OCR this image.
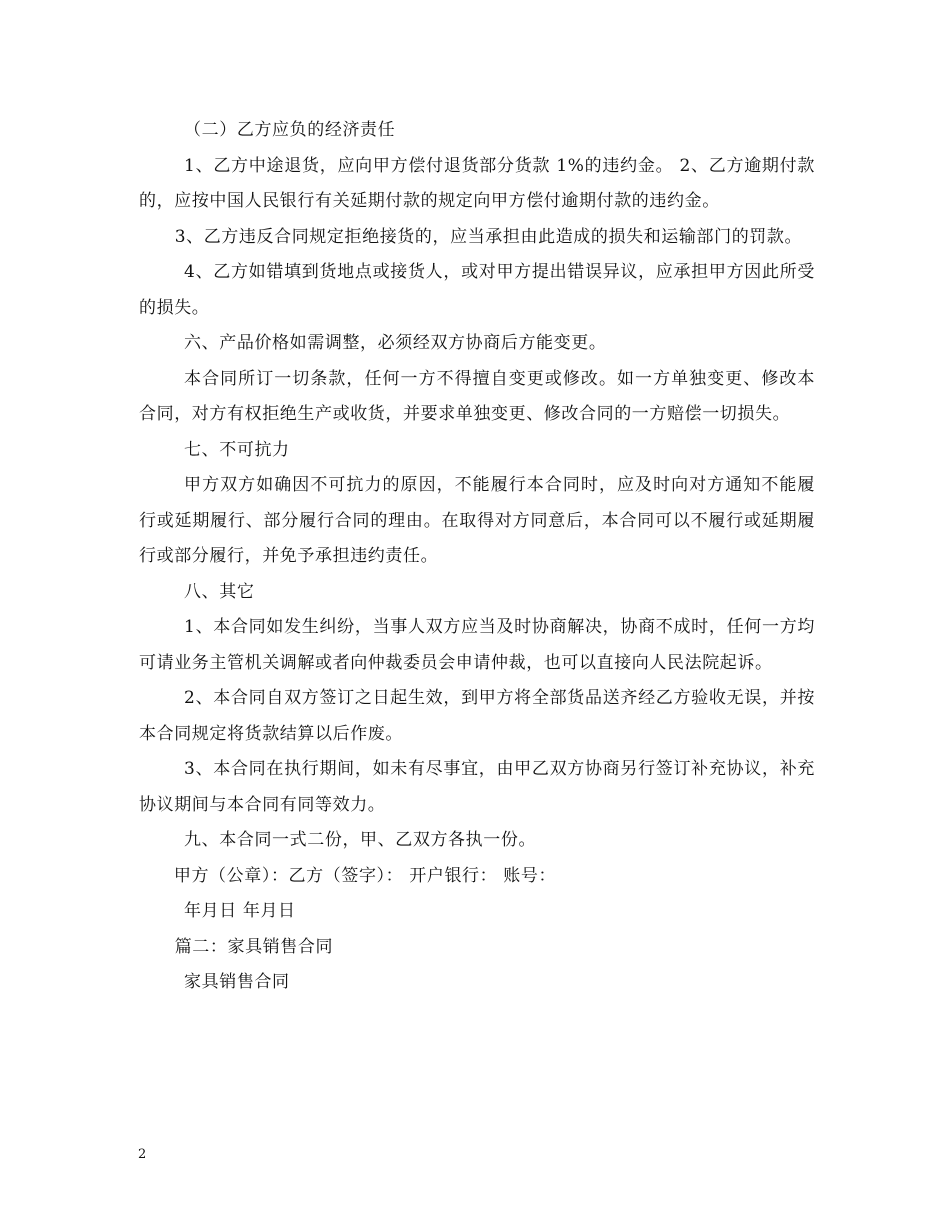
（二）乙方应负的经济责任

1、乙方中途退货，应向甲方偿付退货部分货款 1%的违约金。 2、乙方逾期付款的，应按中国人民银行有关延期付款的规定向甲方偿付逾期付款的违约金。

3、乙方违反合同规定拒绝接货的，应当承担由此造成的损失和运输部门的罚款。

4、乙方如错填到货地点或接货人，或对甲方提出错误异议，应承担甲方因此所受的损失。

六、产品价格如需调整，必须经双方协商后方能变更。

本合同所订一切条款，任何一方不得擅自变更或修改。如一方单独变更、修改本合同，对方有权拒绝生产或收货，并要求单独变更、修改合同的一方赔偿一切损失。

七、不可抗力

甲方双方如确因不可抗力的原因，不能履行本合同时，应及时向对方通知不能履行或延期履行、部分履行合同的理由。在取得对方同意后，本合同可以不履行或延期履行或部分履行，并免予承担违约责任。

八、其它

1、本合同如发生纠纷，当事人双方应当及时协商解决，协商不成时，任何一方均可请业务主管机关调解或者向仲裁委员会申请仲裁，也可以直接向人民法院起诉。

2、本合同自双方签订之日起生效，到甲方将全部货品送齐经乙方验收无误，并按本合同规定将货款结算以后作废。

3、本合同在执行期间，如未有尽事宜，由甲乙双方协商另行签订补充协议，补充协议期间与本合同有同等效力。

九、本合同一式二份，甲、乙双方各执一份。

甲方（公章）：乙方（签字）： 开户银行： 账号：

年月日 年月日

篇二：家具销售合同

家具销售合同

2
